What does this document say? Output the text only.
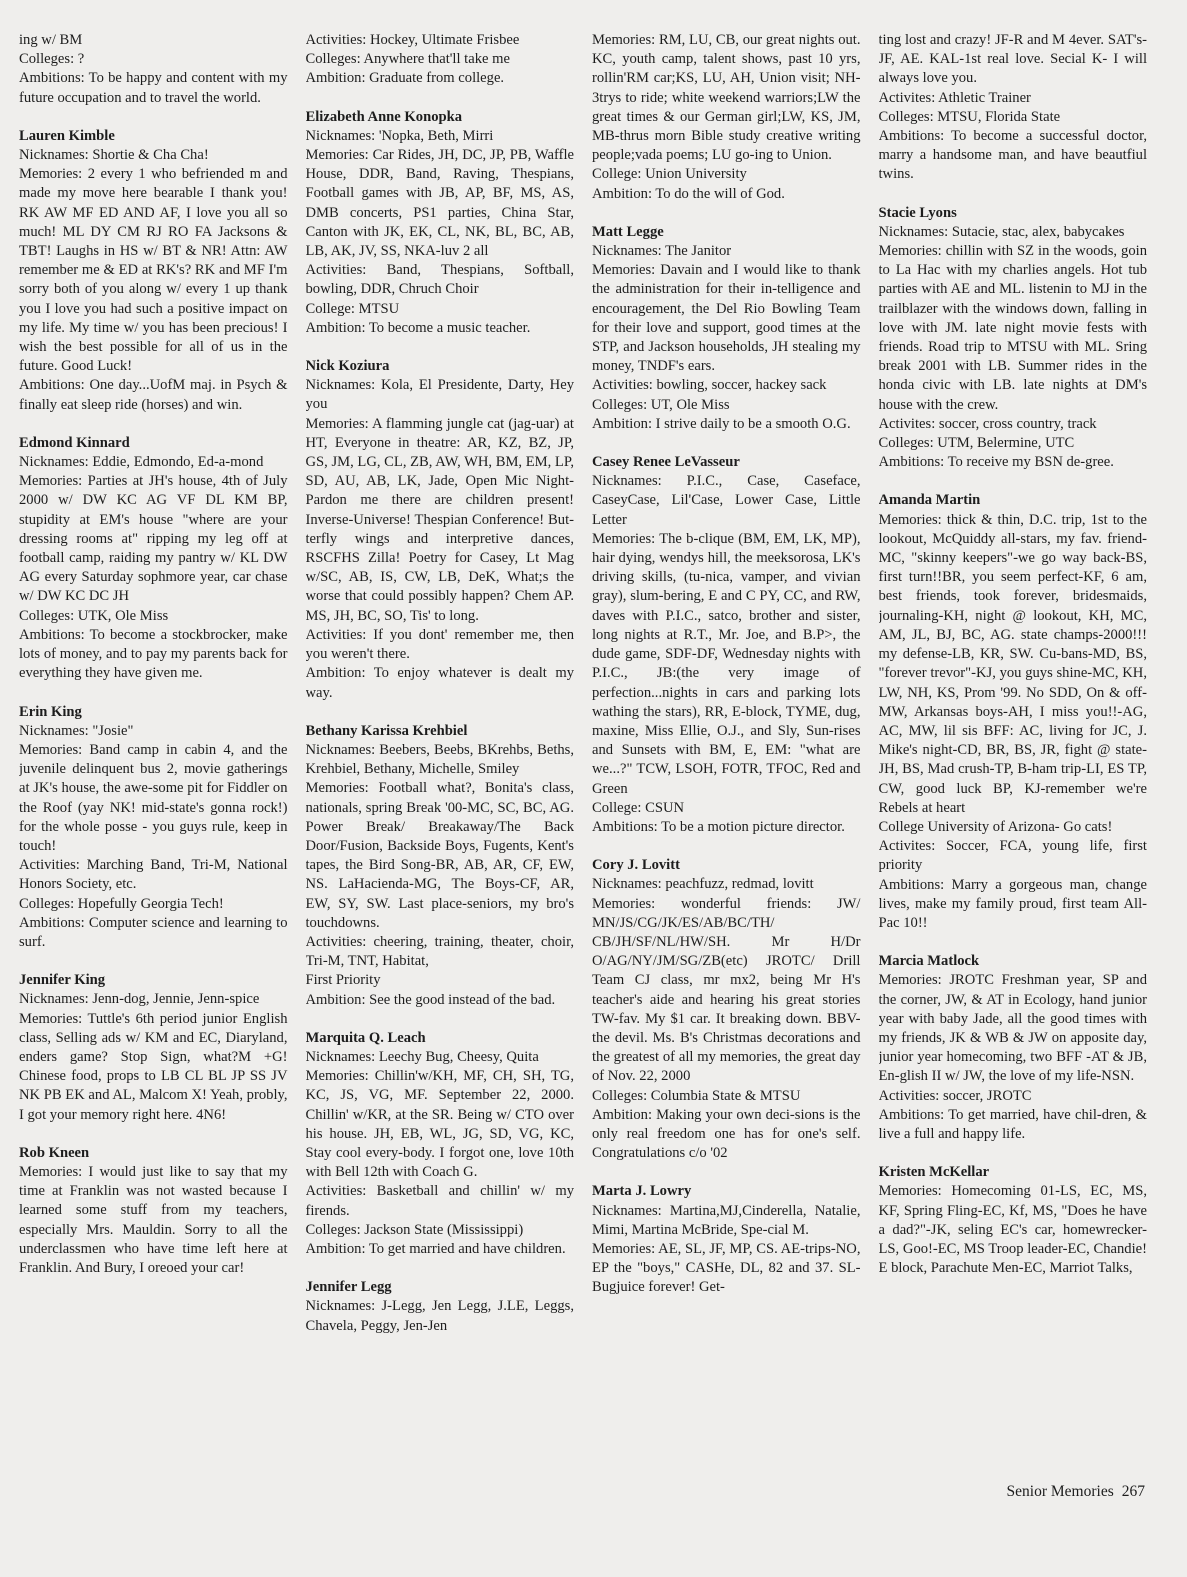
ing w/ BM
Colleges: ?
Ambitions: To be happy and content with my future occupation and to travel the world.
Lauren Kimble
Nicknames: Shortie & Cha Cha!
Memories: 2 every 1 who befriended m and made my move here bearable I thank you! RK AW MF ED AND AF, I love you all so much! ML DY CM RJ RO FA Jacksons & TBT! Laughs in HS w/ BT & NR! Attn: AW remember me & ED at RK's? RK and MF I'm sorry both of you along w/ every 1 up thank you I love you had such a positive impact on my life. My time w/ you has been precious! I wish the best possible for all of us in the future. Good Luck!
Ambitions: One day...UofM maj. in Psych & finally eat sleep ride (horses) and win.
Edmond Kinnard
Nicknames: Eddie, Edmondo, Ed-a-mond
Memories: Parties at JH's house, 4th of July 2000 w/ DW KC AG VF DL KM BP, stupidity at EM's house "where are your dressing rooms at" ripping my leg off at football camp, raiding my pantry w/ KL DW AG every Saturday sophmore year, car chase w/ DW KC DC JH
Colleges: UTK, Ole Miss
Ambitions: To become a stockbrocker, make lots of money, and to pay my parents back for everything they have given me.
Erin King
Nicknames: "Josie"
Memories: Band camp in cabin 4, and the juvenile delinquent bus 2, movie gatherings at JK's house, the awe-some pit for Fiddler on the Roof (yay NK! mid-state's gonna rock!) for the whole posse - you guys rule, keep in touch!
Activities: Marching Band, Tri-M, National Honors Society, etc.
Colleges: Hopefully Georgia Tech!
Ambitions: Computer science and learning to surf.
Jennifer King
Nicknames: Jenn-dog, Jennie, Jenn-spice
Memories: Tuttle's 6th period junior English class, Selling ads w/ KM and EC, Diaryland, enders game? Stop Sign, what?M +G! Chinese food, props to LB CL BL JP SS JV NK PB EK and AL, Malcom X! Yeah, probly, I got your memory right here. 4N6!
Rob Kneen
Memories: I would just like to say that my time at Franklin was not wasted because I learned some stuff from my teachers, especially Mrs. Mauldin. Sorry to all the underclassmen who have time left here at Franklin. And Bury, I oreoed your car!
Activities: Hockey, Ultimate Frisbee
Colleges: Anywhere that'll take me
Ambition: Graduate from college.
Elizabeth Anne Konopka
Nicknames: 'Nopka, Beth, Mirri
Memories: Car Rides, JH, DC, JP, PB, Waffle House, DDR, Band, Raving, Thespians, Football games with JB, AP, BF, MS, AS, DMB concerts, PS1 parties, China Star, Canton with JK, EK, CL, NK, BL, BC, AB, LB, AK, JV, SS, NKA-luv 2 all
Activities: Band, Thespians, Softball, bowling, DDR, Chruch Choir
College: MTSU
Ambition: To become a music teacher.
Nick Koziura
Nicknames: Kola, El Presidente, Darty, Hey you
Memories: A flamming jungle cat (jag-uar) at HT, Everyone in theatre: AR, KZ, BZ, JP, GS, JM, LG, CL, ZB, AW, WH, BM, EM, LP, SD, AU, AB, LK, Jade, Open Mic Night-Pardon me there are children present! Inverse-Universe! Thespian Conference! But-terfly wings and interpretive dances, RSCFHS Zilla! Poetry for Casey, Lt Mag w/SC, AB, IS, CW, LB, DeK, What;s the worse that could possibly happen? Chem AP. MS, JH, BC, SO, Tis' to long.
Activities: If you dont' remember me, then you weren't there.
Ambition: To enjoy whatever is dealt my way.
Bethany Karissa Krehbiel
Nicknames: Beebers, Beebs, BKrehbs, Beths, Krehbiel, Bethany, Michelle, Smiley
Memories: Football what?, Bonita's class, nationals, spring Break '00-MC, SC, BC, AG. Power Break/ Breakaway/The Back Door/Fusion, Backside Boys, Fugents, Kent's tapes, the Bird Song-BR, AB, AR, CF, EW, NS. LaHacienda-MG, The Boys-CF, AR, EW, SY, SW. Last place-seniors, my bro's touchdowns.
Activities: cheering, training, theater, choir, Tri-M, TNT, Habitat,
First Priority
Ambition: See the good instead of the bad.
Marquita Q. Leach
Nicknames: Leechy Bug, Cheesy, Quita
Memories: Chillin'w/KH, MF, CH, SH, TG, KC, JS, VG, MF. September 22, 2000. Chillin' w/KR, at the SR. Being w/ CTO over his house. JH, EB, WL, JG, SD, VG, KC, Stay cool every-body. I forgot one, love 10th with Bell 12th with Coach G.
Activities: Basketball and chillin' w/ my firends.
Colleges: Jackson State (Mississippi)
Ambition: To get married and have children.
Jennifer Legg
Nicknames: J-Legg, Jen Legg, J.LE, Leggs, Chavela, Peggy, Jen-Jen
Memories: RM, LU, CB, our great nights out. KC, youth camp, talent shows, past 10 yrs, rollin'RM car;KS, LU, AH, Union visit; NH-3trys to ride; white weekend warriors;LW the great times & our German girl;LW, KS, JM, MB-thrus morn Bible study creative writing people;vada poems; LU go-ing to Union.
College: Union University
Ambition: To do the will of God.
Matt Legge
Nicknames: The Janitor
Memories: Davain and I would like to thank the administration for their in-telligence and encouragement, the Del Rio Bowling Team for their love and support, good times at the STP, and Jackson households, JH stealing my money, TNDF's ears.
Activities: bowling, soccer, hackey sack
Colleges: UT, Ole Miss
Ambition: I strive daily to be a smooth O.G.
Casey Renee LeVasseur
Nicknames: P.I.C., Case, Caseface, CaseyCase, Lil'Case, Lower Case, Little Letter
Memories: The b-clique (BM, EM, LK, MP), hair dying, wendys hill, the meeksorosa, LK's driving skills, (tu-nica, vamper, and vivian gray), slum-bering, E and C PY, CC, and RW, daves with P.I.C., satco, brother and sister, long nights at R.T., Mr. Joe, and B.P>, the dude game, SDF-DF, Wednesday nights with P.I.C., JB:(the very image of perfection...nights in cars and parking lots wathing the stars), RR, E-block, TYME, dug, maxine, Miss Ellie, O.J., and Sly, Sun-rises and Sunsets with BM, E, EM: "what are we...?" TCW, LSOH, FOTR, TFOC, Red and Green
College: CSUN
Ambitions: To be a motion picture director.
Cory J. Lovitt
Nicknames: peachfuzz, redmad, lovitt
Memories: wonderful friends: JW/ MN/JS/CG/JK/ES/AB/BC/TH/ CB/JH/SF/NL/HW/SH. Mr H/Dr O/AG/NY/JM/SG/ZB(etc) JROTC/ Drill Team CJ class, mr mx2, being Mr H's teacher's aide and hearing his great stories TW-fav. My $1 car. It breaking down. BBV-the devil. Ms. B's Christmas decorations and the greatest of all my memories, the great day of Nov. 22, 2000
Colleges: Columbia State & MTSU
Ambition: Making your own deci-sions is the only real freedom one has for one's self. Congratulations c/o '02
Marta J. Lowry
Nicknames: Martina,MJ,Cinderella, Natalie, Mimi, Martina McBride, Spe-cial M.
Memories: AE, SL, JF, MP, CS. AE-trips-NO, EP the "boys," CASHe, DL, 82 and 37. SL-Bugjuice forever! Get-
ting lost and crazy! JF-R and M 4ever. SAT's-JF, AE. KAL-1st real love. Secial K- I will always love you.
Activites: Athletic Trainer
Colleges: MTSU, Florida State
Ambitions: To become a successful doctor, marry a handsome man, and have beautfiul twins.
Stacie Lyons
Nicknames: Sutacie, stac, alex, babycakes
Memories: chillin with SZ in the woods, goin to La Hac with my charlies angels. Hot tub parties with AE and ML. listenin to MJ in the trailblazer with the windows down, falling in love with JM. late night movie fests with friends. Road trip to MTSU with ML. Sring break 2001 with LB. Summer rides in the honda civic with LB. late nights at DM's house with the crew.
Activites: soccer, cross country, track
Colleges: UTM, Belermine, UTC
Ambitions: To receive my BSN de-gree.
Amanda Martin
Memories: thick & thin, D.C. trip, 1st to the lookout, McQuiddy all-stars, my fav. friend-MC, "skinny keepers"-we go way back-BS, first turn!!BR, you seem perfect-KF, 6 am, best friends, took forever, bridesmaids, journaling-KH, night @ lookout, KH, MC, AM, JL, BJ, BC, AG. state champs-2000!!! my defense-LB, KR, SW. Cu-bans-MD, BS, "forever trevor"-KJ, you guys shine-MC, KH, LW, NH, KS, Prom '99. No SDD, On & off-MW, Arkansas boys-AH, I miss you!!-AG, AC, MW, lil sis BFF: AC, living for JC, J. Mike's night-CD, BR, BS, JR, fight @ state- JH, BS, Mad crush-TP, B-ham trip-LI, ES TP, CW, good luck BP, KJ-remember we're Rebels at heart
College University of Arizona- Go cats!
Activites: Soccer, FCA, young life, first priority
Ambitions: Marry a gorgeous man, change lives, make my family proud, first team All-Pac 10!!
Marcia Matlock
Memories: JROTC Freshman year, SP and the corner, JW, & AT in Ecology, hand junior year with baby Jade, all the good times with my friends, JK & WB & JW on apposite day, junior year homecoming, two BFF -AT & JB, En-glish II w/ JW, the love of my life-NSN.
Activities: soccer, JROTC
Ambitions: To get married, have chil-dren, & live a full and happy life.
Kristen McKellar
Memories: Homecoming 01-LS, EC, MS, KF, Spring Fling-EC, Kf, MS, "Does he have a dad?"-JK, seling EC's car, homewrecker-LS, Goo!-EC, MS Troop leader-EC, Chandie! E block, Parachute Men-EC, Marriot Talks,
Senior Memories 267
